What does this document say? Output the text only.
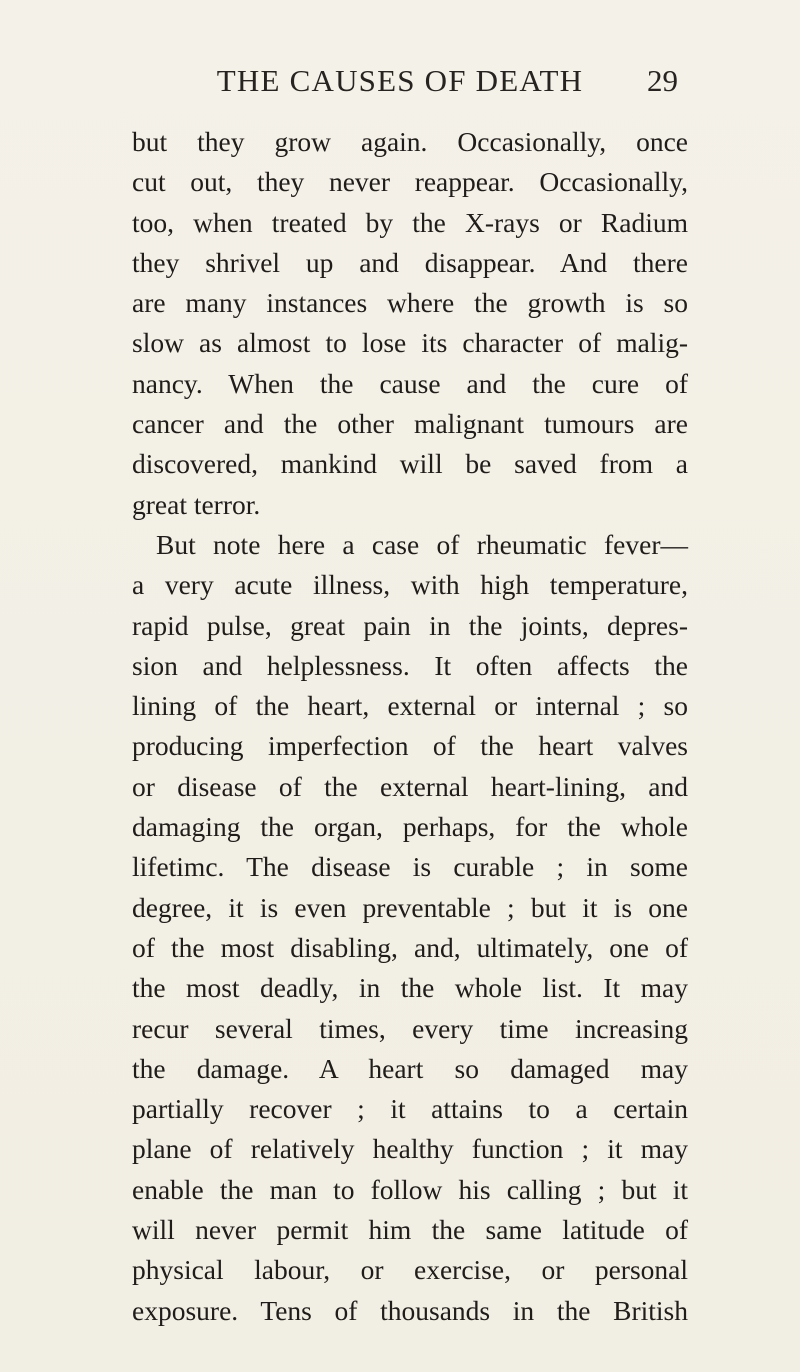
THE CAUSES OF DEATH	29
but they grow again. Occasionally, once
cut out, they never reappear. Occasionally,
too, when treated by the X-rays or Radium
they shrivel up and disappear. And there
are many instances where the growth is so
slow as almost to lose its character of malig-
nancy. When the cause and the cure of
cancer and the other malignant tumours are
discovered, mankind will be saved from a
great terror.
But note here a case of rheumatic fever—
a very acute illness, with high temperature,
rapid pulse, great pain in the joints, depres-
sion and helplessness. It often affects the
lining of the heart, external or internal ; so
producing imperfection of the heart valves
or disease of the external heart-lining, and
damaging the organ, perhaps, for the whole
lifetimc. The disease is curable ; in some
degree, it is even preventable ; but it is one
of the most disabling, and, ultimately, one of
the most deadly, in the whole list. It may
recur several times, every time increasing
the damage. A heart so damaged may
partially recover ; it attains to a certain
plane of relatively healthy function ; it may
enable the man to follow his calling ; but it
will never permit him the same latitude of
physical labour, or exercise, or personal
exposure. Tens of thousands in the British
